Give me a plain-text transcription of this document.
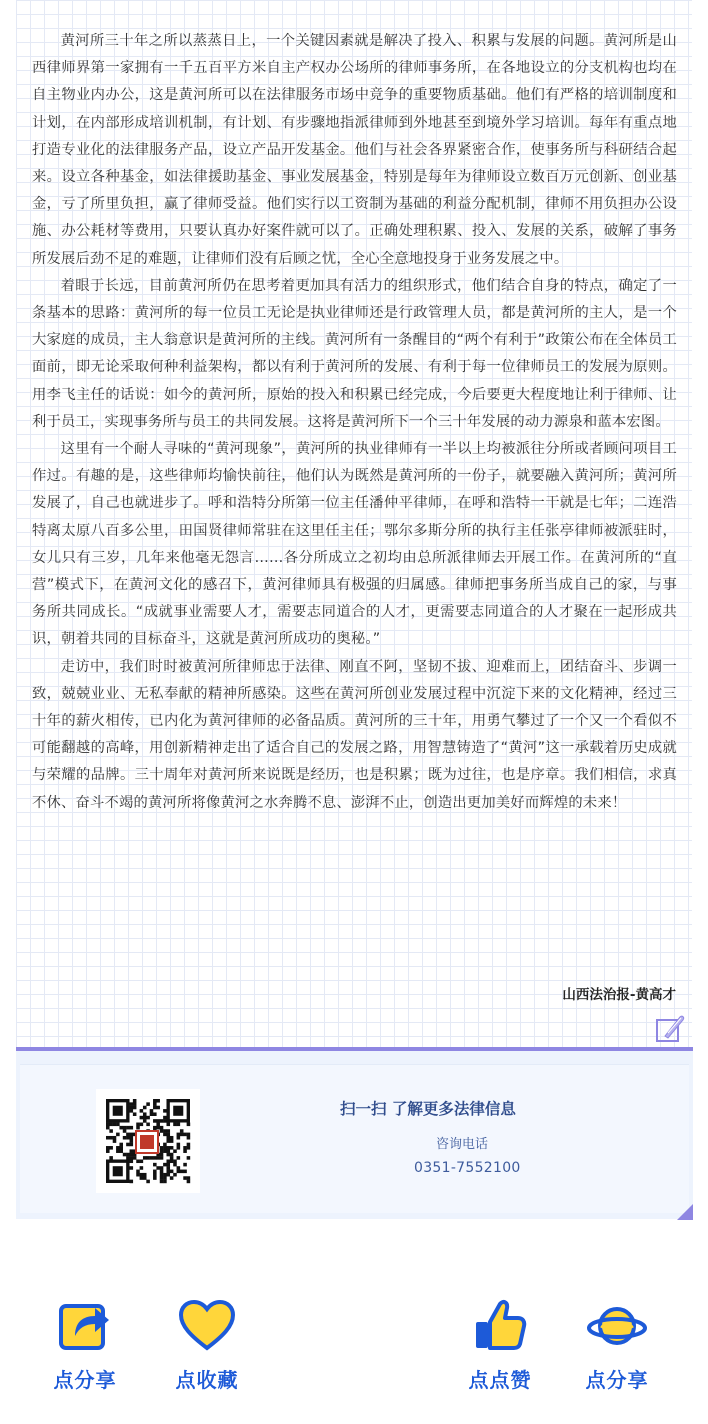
黄河所三十年之所以蒸蒸日上，一个关键因素就是解决了投入、积累与发展的问题。黄河所是山西律师界第一家拥有一千五百平方米自主产权办公场所的律师事务所，在各地设立的分支机构也均在自主物业内办公，这是黄河所可以在法律服务市场中竞争的重要物质基础。他们有严格的培训制度和计划，在内部形成培训机制，有计划、有步骤地指派律师到外地甚至到境外学习培训。每年有重点地打造专业化的法律服务产品，设立产品开发基金。他们与社会各界紧密合作，使事务所与科研结合起来。设立各种基金，如法律援助基金、事业发展基金，特别是每年为律师设立数百万元创新、创业基金，亏了所里负担，赢了律师受益。他们实行以工资制为基础的利益分配机制，律师不用负担办公设施、办公耗材等费用，只要认真办好案件就可以了。正确处理积累、投入、发展的关系，破解了事务所发展后劲不足的难题，让律师们没有后顾之忧，全心全意地投身于业务发展之中。

着眼于长远，目前黄河所仍在思考着更加具有活力的组织形式，他们结合自身的特点，确定了一条基本的思路：黄河所的每一位员工无论是执业律师还是行政管理人员，都是黄河所的主人，是一个大家庭的成员，主人翁意识是黄河所的主线。黄河所有一条醒目的“两个有利于”政策公布在全体员工面前，即无论采取何种利益架构，都以有利于黄河所的发展、有利于每一位律师员工的发展为原则。用李飞主任的话说：如今的黄河所，原始的投入和积累已经完成，今后要更大程度地让利于律师、让利于员工，实现事务所与员工的共同发展。这将是黄河所下一个三十年发展的动力源泉和蓝本宏图。

这里有一个耐人寻味的“黄河现象”，黄河所的执业律师有一半以上均被派往分所或者顾问项目工作过。有趣的是，这些律师均愉快前往，他们认为既然是黄河所的一份子，就要融入黄河所；黄河所发展了，自己也就进步了。呼和浩特分所第一位主任潘仲平律师，在呼和浩特一干就是七年；二连浩特离太原八百多公里，田国贤律师常驻在这里任主任；鄂尔多斯分所的执行主任张亭律师被派驻时，女儿只有三岁，几年来他毫无怨言……各分所成立之初均由总所派律师去开展工作。在黄河所的“直营”模式下，在黄河文化的感召下，黄河律师具有极强的归属感。律师把事务所当成自己的家，与事务所共同成长。“成就事业需要人才，需要志同道合的人才，更需要志同道合的人才聚在一起形成共识，朝着共同的目标奋斗，这就是黄河所成功的奥秘。”

走访中，我们时时被黄河所律师忠于法律、刚直不阿，坚韧不拔、迎难而上，团结奋斗、步调一致，兢兢业业、无私奉献的精神所感染。这些在黄河所创业发展过程中沉淀下来的文化精神，经过三十年的薪火相传，已内化为黄河律师的必备品质。黄河所的三十年，用勇气攀过了一个又一个看似不可能翻越的高峰，用创新精神走出了适合自己的发展之路，用智慧铸造了“黄河”这一承载着历史成就与荣耀的品牌。三十周年对黄河所来说既是经历，也是积累；既为过往，也是序章。我们相信，求真不休、奋斗不竭的黄河所将像黄河之水奔腾不息、澎湃不止，创造出更加美好而辉煌的未来！

山西法治报-黄高才
扫一扫 了解更多法律信息
咨询电话
0351-7552100
点分享	点收藏	点点赞	点分享
